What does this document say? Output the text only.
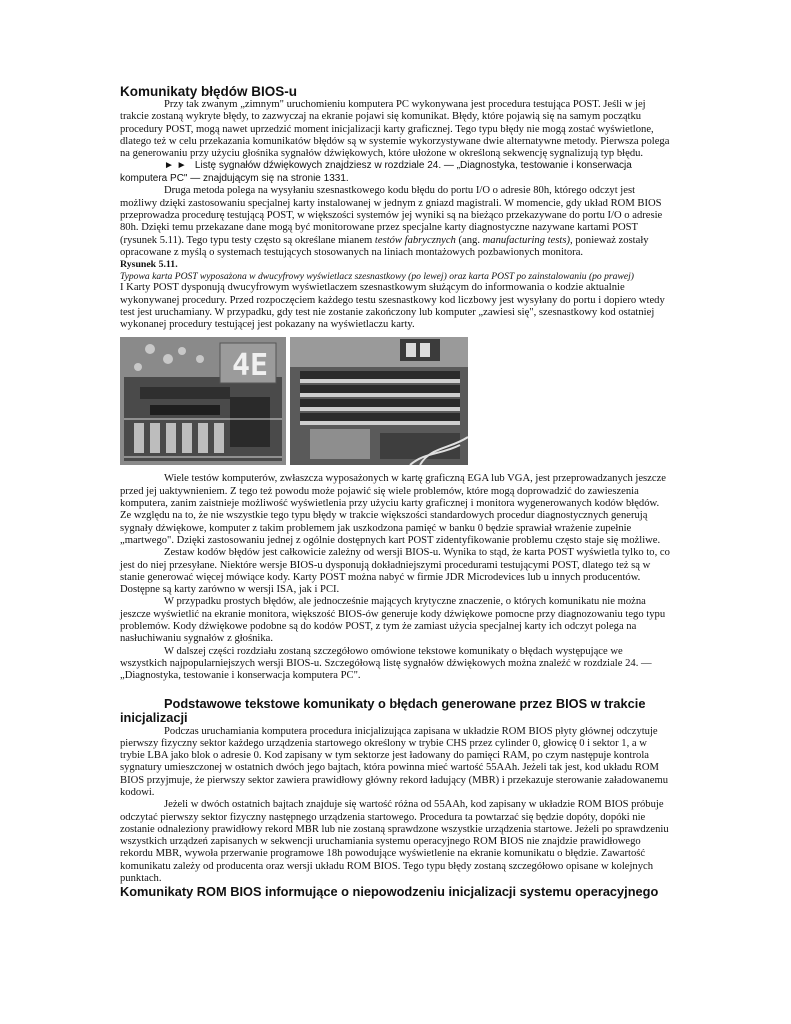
Komunikaty błędów BIOS-u

Przy tak zwanym „zimnym" uruchomieniu komputera PC wykonywana jest procedura testująca POST. Jeśli w jej trakcie zostaną wykryte błędy, to zazwyczaj na ekranie pojawi się komunikat. Błędy, które pojawią się na samym początku procedury POST, mogą nawet uprzedzić moment inicjalizacji karty graficznej. Tego typu błędy nie mogą zostać wyświetlone, dlatego też w celu przekazania komunikatów błędów są w systemie wykorzystywane dwie alternatywne metody. Pierwsza polega na generowaniu przy użyciu głośnika sygnałów dźwiękowych, które ułożone w określoną sekwencję sygnalizują typ błędu.

► ► Listę sygnałów dźwiękowych znajdziesz w rozdziale 24. — „Diagnostyka, testowanie i konserwacja komputera PC" — znajdującym się na stronie 1331.

Druga metoda polega na wysyłaniu szesnastkowego kodu błędu do portu I/O o adresie 80h, którego odczyt jest możliwy dzięki zastosowaniu specjalnej karty instalowanej w jednym z gniazd magistrali. W momencie, gdy układ ROM BIOS przeprowadza procedurę testującą POST, w większości systemów jej wyniki są na bieżąco przekazywane do portu I/O o adresie 80h. Dzięki temu przekazane dane mogą być monitorowane przez specjalne karty diagnostyczne nazywane kartami POST (rysunek 5.11). Tego typu testy często są określane mianem testów fabrycznych (ang. manufacturing tests), ponieważ zostały opracowane z myślą o systemach testujących stosowanych na liniach montażowych pozbawionych monitora.

Rysunek 5.11.

Typowa karta POST wyposażona w dwucyfrowy wyświetlacz szesnastkowy (po lewej) oraz karta POST po zainstalowaniu (po prawej)

I Karty POST dysponują dwucyfrowym wyświetlaczem szesnastkowym służącym do informowania o kodzie aktualnie wykonywanej procedury. Przed rozpoczęciem każdego testu szesnastkowy kod liczbowy jest wysyłany do portu i dopiero wtedy test jest uruchamiany. W przypadku, gdy test nie zostanie zakończony lub komputer „zawiesi się", szesnastkowy kod ostatniej wykonanej procedury testującej jest pokazany na wyświetlaczu karty.

4E

Wiele testów komputerów, zwłaszcza wyposażonych w kartę graficzną EGA lub VGA, jest przeprowadzanych jeszcze przed jej uaktywnieniem. Z tego też powodu może pojawić się wiele problemów, które mogą doprowadzić do zawieszenia komputera, zanim zaistnieje możliwość wyświetlenia przy użyciu karty graficznej i monitora wygenerowanych kodów błędów. Ze względu na to, że nie wszystkie tego typu błędy w trakcie większości standardowych procedur diagnostycznych generują sygnały dźwiękowe, komputer z takim problemem jak uszkodzona pamięć w banku 0 będzie sprawiał wrażenie zupełnie „martwego". Dzięki zastosowaniu jednej z ogólnie dostępnych kart POST zidentyfikowanie problemu często staje się możliwe.

Zestaw kodów błędów jest całkowicie zależny od wersji BIOS-u. Wynika to stąd, że karta POST wyświetla tylko to, co jest do niej przesyłane. Niektóre wersje BIOS-u dysponują dokładniejszymi procedurami testującymi POST, dlatego też są w stanie generować więcej mówiące kody. Karty POST można nabyć w firmie JDR Microdevices lub u innych producentów. Dostępne są karty zarówno w wersji ISA, jak i PCI.

W przypadku prostych błędów, ale jednocześnie mających krytyczne znaczenie, o których komunikatu nie można jeszcze wyświetlić na ekranie monitora, większość BIOS-ów generuje kody dźwiękowe pomocne przy diagnozowaniu tego typu problemów. Kody dźwiękowe podobne są do kodów POST, z tym że zamiast użycia specjalnej karty ich odczyt polega na nasłuchiwaniu sygnałów z głośnika.

W dalszej części rozdziału zostaną szczegółowo omówione tekstowe komunikaty o błędach występujące we wszystkich najpopularniejszych wersji BIOS-u. Szczegółową listę sygnałów dźwiękowych można znaleźć w rozdziale 24. — „Diagnostyka, testowanie i konserwacja komputera PC".

Podstawowe tekstowe komunikaty o błędach generowane przez BIOS w trakcie
inicjalizacji

Podczas uruchamiania komputera procedura inicjalizująca zapisana w układzie ROM BIOS płyty głównej odczytuje pierwszy fizyczny sektor każdego urządzenia startowego określony w trybie CHS przez cylinder 0, głowicę 0 i sektor 1, a w trybie LBA jako blok o adresie 0. Kod zapisany w tym sektorze jest ładowany do pamięci RAM, po czym następuje kontrola sygnatury umieszczonej w ostatnich dwóch jego bajtach, która powinna mieć wartość 55AAh. Jeżeli tak jest, kod układu ROM BIOS przyjmuje, że pierwszy sektor zawiera prawidłowy główny rekord ładujący (MBR) i przekazuje sterowanie załadowanemu kodowi.

Jeżeli w dwóch ostatnich bajtach znajduje się wartość różna od 55AAh, kod zapisany w układzie ROM BIOS próbuje odczytać pierwszy sektor fizyczny następnego urządzenia startowego. Procedura ta powtarzać się będzie dopóty, dopóki nie zostanie odnaleziony prawidłowy rekord MBR lub nie zostaną sprawdzone wszystkie urządzenia startowe. Jeżeli po sprawdzeniu wszystkich urządzeń zapisanych w sekwencji uruchamiania systemu operacyjnego ROM BIOS nie znajdzie prawidłowego rekordu MBR, wywoła przerwanie programowe 18h powodujące wyświetlenie na ekranie komunikatu o błędzie. Zawartość komunikatu zależy od producenta oraz wersji układu ROM BIOS. Tego typu błędy zostaną szczegółowo opisane w kolejnych punktach.

Komunikaty ROM BIOS informujące o niepowodzeniu inicjalizacji systemu operacyjnego
